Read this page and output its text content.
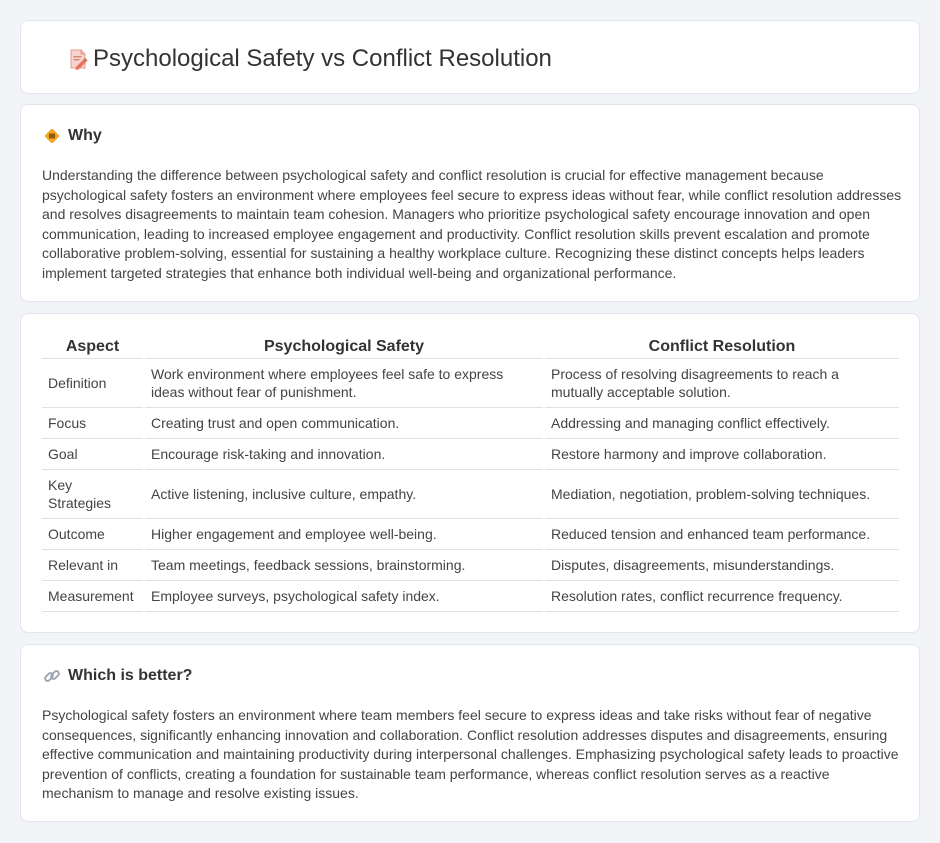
Psychological Safety vs Conflict Resolution
Why

Understanding the difference between psychological safety and conflict resolution is crucial for effective management because psychological safety fosters an environment where employees feel secure to express ideas without fear, while conflict resolution addresses and resolves disagreements to maintain team cohesion. Managers who prioritize psychological safety encourage innovation and open communication, leading to increased employee engagement and productivity. Conflict resolution skills prevent escalation and promote collaborative problem-solving, essential for sustaining a healthy workplace culture. Recognizing these distinct concepts helps leaders implement targeted strategies that enhance both individual well-being and organizational performance.

Aspect	Psychological Safety	Conflict Resolution
Definition	Work environment where employees feel safe to express ideas without fear of punishment.	Process of resolving disagreements to reach a mutually acceptable solution.
Focus	Creating trust and open communication.	Addressing and managing conflict effectively.
Goal	Encourage risk-taking and innovation.	Restore harmony and improve collaboration.
Key Strategies	Active listening, inclusive culture, empathy.	Mediation, negotiation, problem-solving techniques.
Outcome	Higher engagement and employee well-being.	Reduced tension and enhanced team performance.
Relevant in	Team meetings, feedback sessions, brainstorming.	Disputes, disagreements, misunderstandings.
Measurement	Employee surveys, psychological safety index.	Resolution rates, conflict recurrence frequency.
Which is better?

Psychological safety fosters an environment where team members feel secure to express ideas and take risks without fear of negative consequences, significantly enhancing innovation and collaboration. Conflict resolution addresses disputes and disagreements, ensuring effective communication and maintaining productivity during interpersonal challenges. Emphasizing psychological safety leads to proactive prevention of conflicts, creating a foundation for sustainable team performance, whereas conflict resolution serves as a reactive mechanism to manage and resolve existing issues.
